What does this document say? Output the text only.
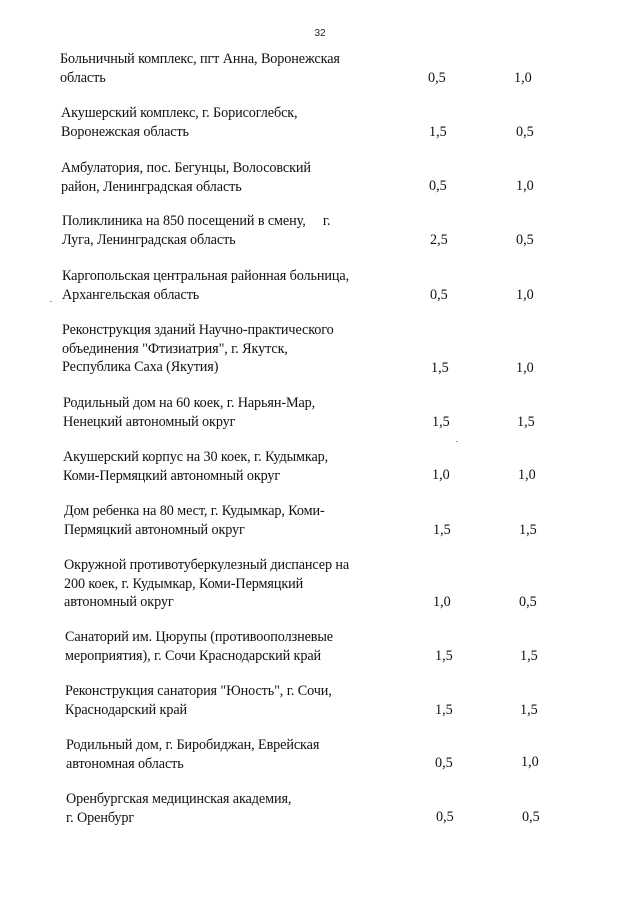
32
Больничный комплекс, пгт Анна, Воронежская
область	0,5	1,0
Акушерский комплекс, г. Борисоглебск,
Воронежская область	1,5	0,5
Амбулатория, пос. Бегунцы, Волосовский
район, Ленинградская область	0,5	1,0
Поликлиника на 850 посещений в смену,     г.
Луга, Ленинградская область	2,5	0,5
Каргопольская центральная районная больница,
Архангельская область	0,5	1,0
Реконструкция зданий Научно-практического
объединения "Фтизиатрия", г. Якутск,
Республика Саха (Якутия)	1,5	1,0
Родильный дом на 60 коек, г. Нарьян-Мар,
Ненецкий автономный округ	1,5	1,5
Акушерский корпус на 30 коек, г. Кудымкар,
Коми-Пермяцкий автономный округ	1,0	1,0
Дом ребенка на 80 мест, г. Кудымкар, Коми-
Пермяцкий автономный округ	1,5	1,5
Окружной противотуберкулезный диспансер на
200 коек, г. Кудымкар, Коми-Пермяцкий
автономный округ	1,0	0,5
Санаторий им. Цюрупы (противооползневые
мероприятия), г. Сочи Краснодарский край	1,5	1,5
Реконструкция санатория "Юность", г. Сочи,
Краснодарский край	1,5	1,5
Родильный дом, г. Биробиджан, Еврейская
автономная область	0,5	1,0
Оренбургская медицинская академия,
г. Оренбург	0,5	0,5
